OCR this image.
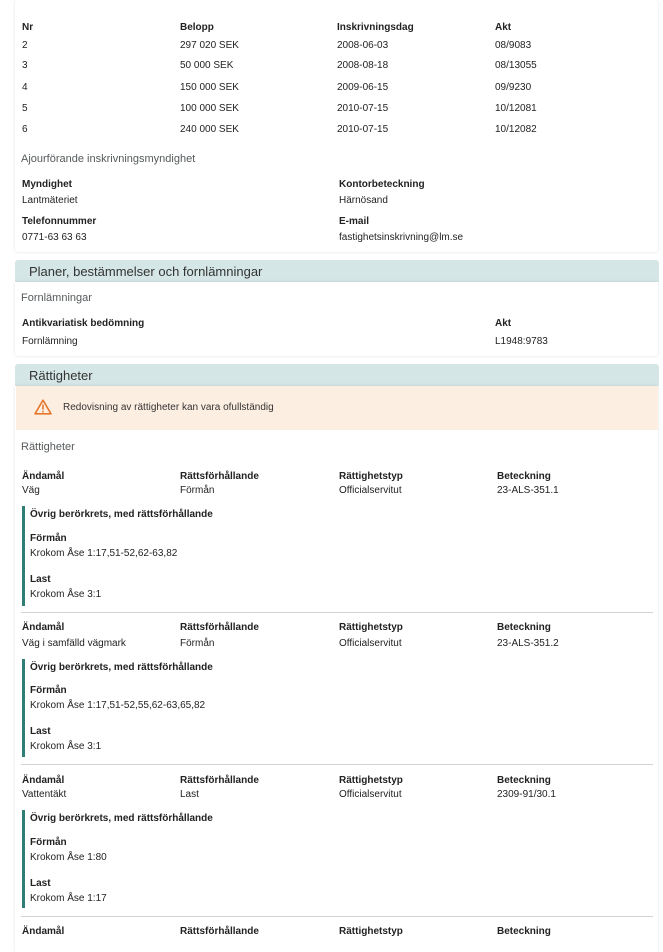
Nr	Belopp	Inskrivningsdag	Akt
2	297 020 SEK	2008-06-03	08/9083
3	50 000 SEK	2008-08-18	08/13055
4	150 000 SEK	2009-06-15	09/9230
5	100 000 SEK	2010-07-15	10/12081
6	240 000 SEK	2010-07-15	10/12082
Ajourförande inskrivningsmyndighet
Myndighet	Kontorbeteckning
Lantmäteriet	Härnösand
Telefonnummer	E-mail
0771-63 63 63	fastighetsinskrivning@lm.se
Planer, bestämmelser och fornlämningar
Fornlämningar
Antikvariatisk bedömning	Akt
Fornlämning	L1948:9783
Rättigheter
Redovisning av rättigheter kan vara ofullständig
Rättigheter
Ändamål	Rättsförhållande	Rättighetstyp	Beteckning
Väg	Förmån	Officialservitut	23-ALS-351.1
Övrig berörkrets, med rättsförhållande
Förmån
Krokom Åse 1:17,51-52,62-63,82
Last
Krokom Åse 3:1
Ändamål	Rättsförhållande	Rättighetstyp	Beteckning
Väg i samfälld vägmark	Förmån	Officialservitut	23-ALS-351.2
Övrig berörkrets, med rättsförhållande
Förmån
Krokom Åse 1:17,51-52,55,62-63,65,82
Last
Krokom Åse 3:1
Ändamål	Rättsförhållande	Rättighetstyp	Beteckning
Vattentäkt	Last	Officialservitut	2309-91/30.1
Övrig berörkrets, med rättsförhållande
Förmån
Krokom Åse 1:80
Last
Krokom Åse 1:17
Ändamål	Rättsförhållande	Rättighetstyp	Beteckning
